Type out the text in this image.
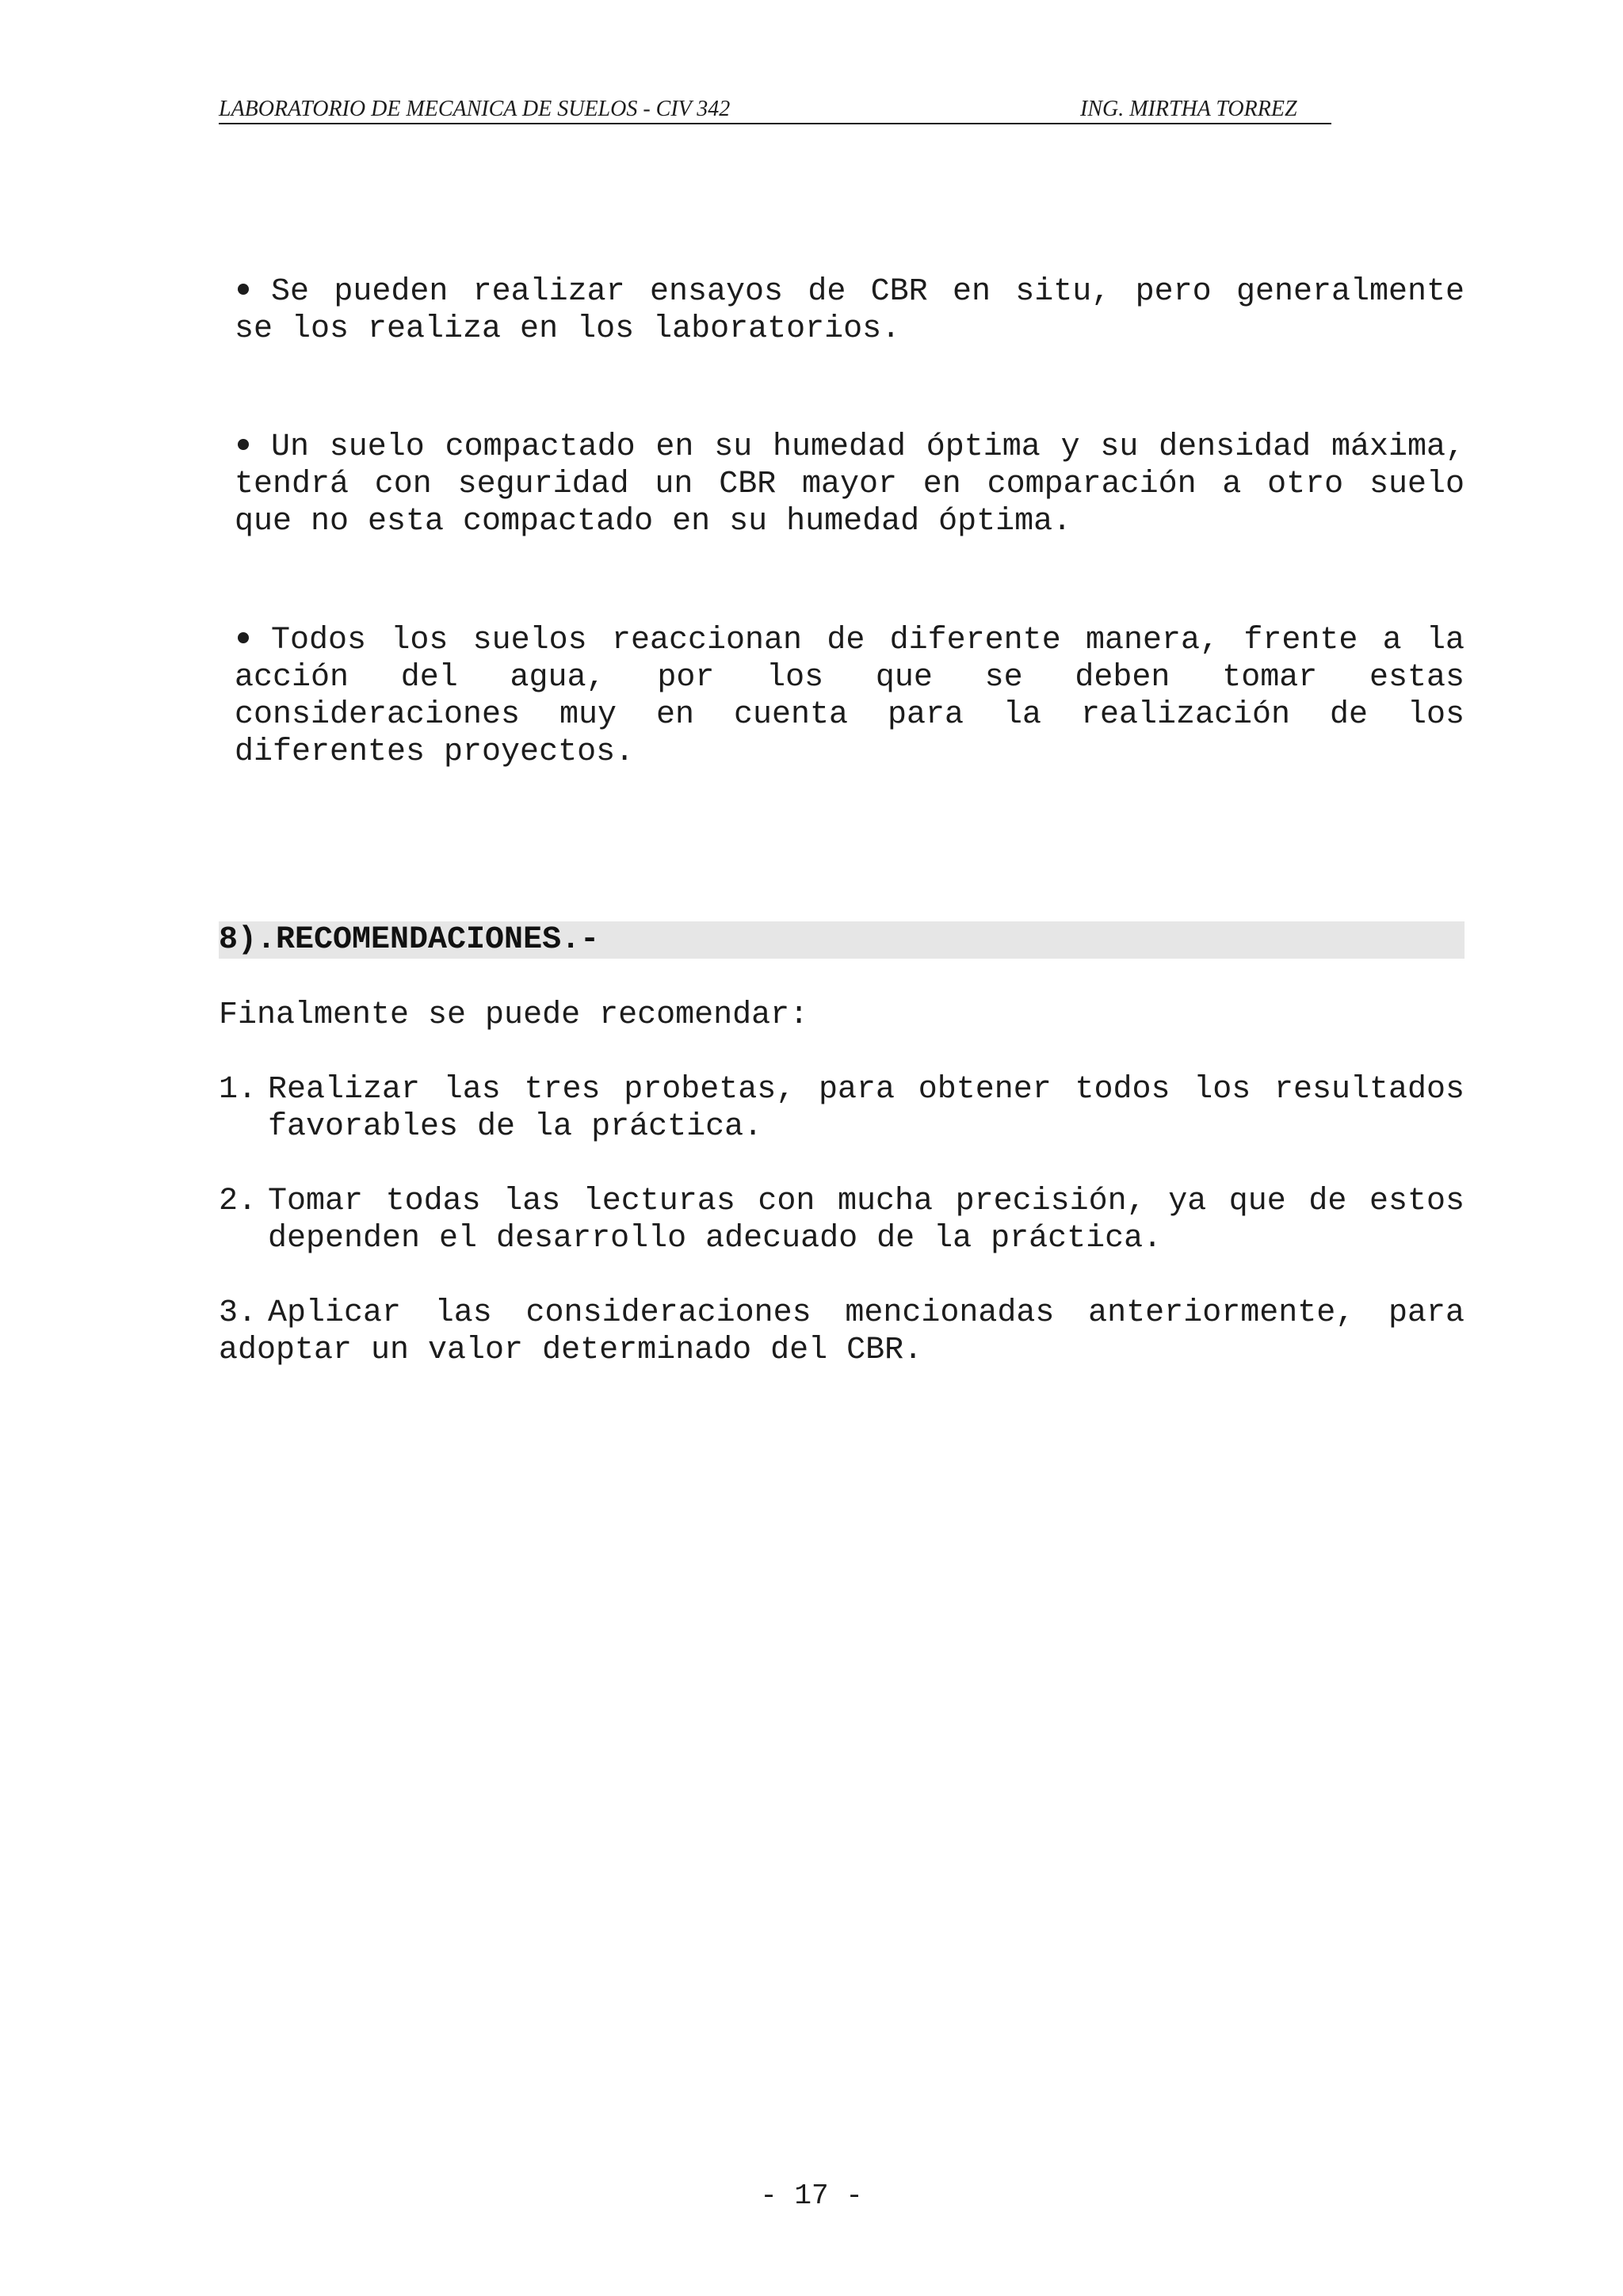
LABORATORIO DE MECANICA DE SUELOS - CIV 342	ING. MIRTHA TORREZ
Se pueden realizar ensayos de CBR en situ, pero generalmente se los realiza en los laboratorios.
Un suelo compactado en su humedad óptima y su densidad máxima, tendrá con seguridad un CBR mayor en comparación a otro suelo que no esta compactado en su humedad óptima.
Todos los suelos reaccionan de diferente manera, frente a la acción del agua, por los que se deben tomar estas consideraciones muy en cuenta para la realización de los diferentes proyectos.
8).RECOMENDACIONES.-
Finalmente se puede recomendar:
1. Realizar las tres probetas, para obtener todos los resultados favorables de la práctica.
2. Tomar todas las lecturas con mucha precisión, ya que de estos dependen el desarrollo adecuado de la práctica.
3. Aplicar las consideraciones mencionadas anteriormente, para adoptar un valor determinado del CBR.
- 17 -
